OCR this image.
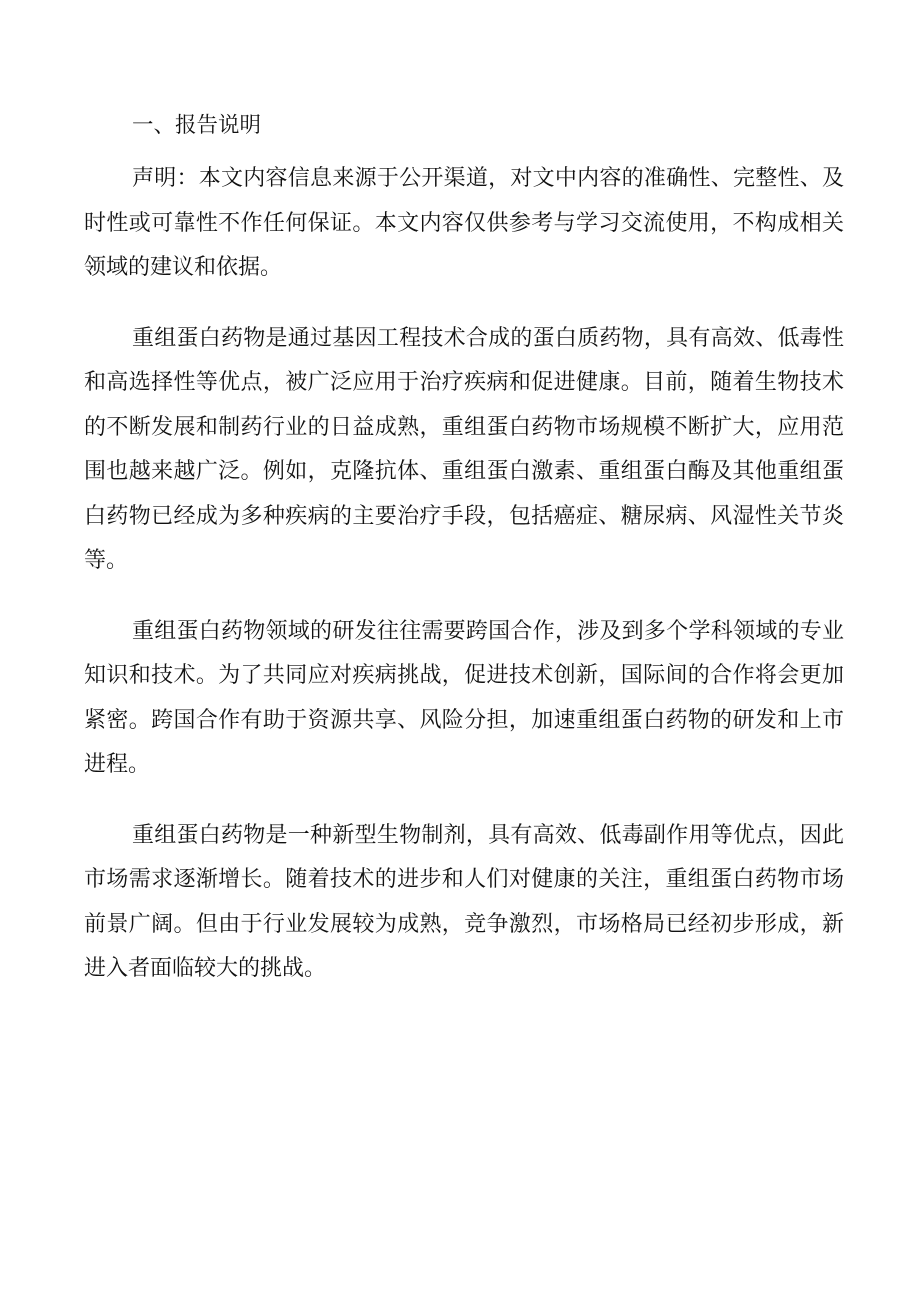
一、报告说明

声明：本文内容信息来源于公开渠道，对文中内容的准确性、完整性、及时性或可靠性不作任何保证。本文内容仅供参考与学习交流使用，不构成相关领域的建议和依据。

重组蛋白药物是通过基因工程技术合成的蛋白质药物，具有高效、低毒性和高选择性等优点，被广泛应用于治疗疾病和促进健康。目前，随着生物技术的不断发展和制药行业的日益成熟，重组蛋白药物市场规模不断扩大，应用范围也越来越广泛。例如，克隆抗体、重组蛋白激素、重组蛋白酶及其他重组蛋白药物已经成为多种疾病的主要治疗手段，包括癌症、糖尿病、风湿性关节炎等。

重组蛋白药物领域的研发往往需要跨国合作，涉及到多个学科领域的专业知识和技术。为了共同应对疾病挑战，促进技术创新，国际间的合作将会更加紧密。跨国合作有助于资源共享、风险分担，加速重组蛋白药物的研发和上市进程。

重组蛋白药物是一种新型生物制剂，具有高效、低毒副作用等优点，因此市场需求逐渐增长。随着技术的进步和人们对健康的关注，重组蛋白药物市场前景广阔。但由于行业发展较为成熟，竞争激烈，市场格局已经初步形成，新进入者面临较大的挑战。
